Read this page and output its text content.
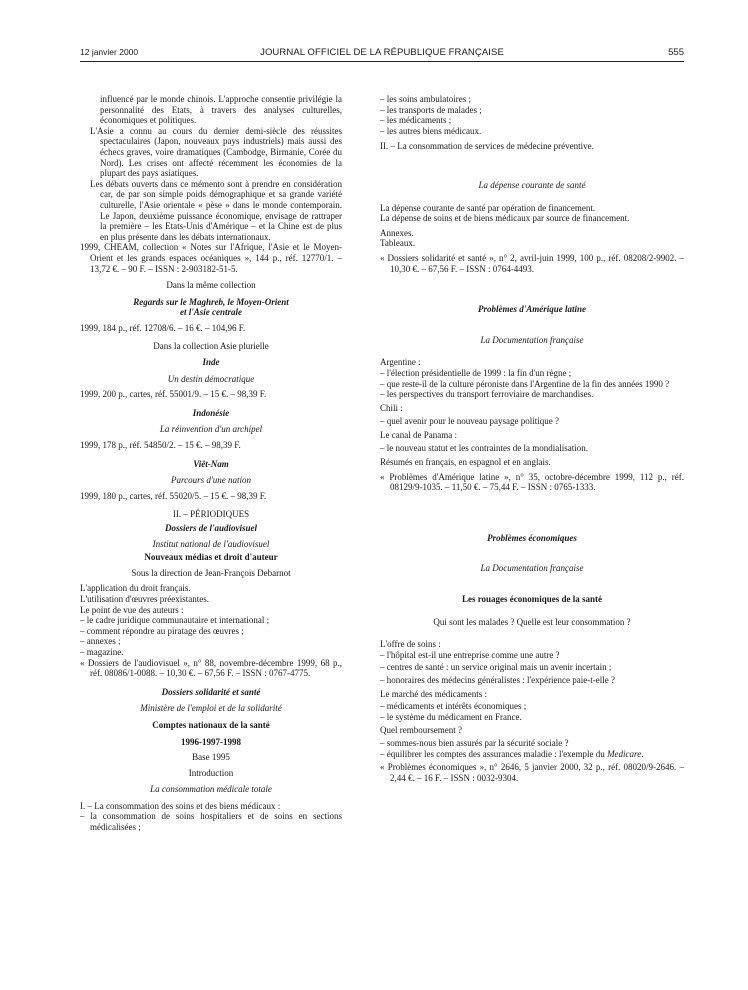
12 janvier 2000	JOURNAL OFFICIEL DE LA RÉPUBLIQUE FRANÇAISE	555

influencé par le monde chinois. L'approche consentie privilégie la personnalité des Etats, à travers des analyses culturelles, économiques et politiques.

L'Asie a connu au cours du dernier demi-siècle des réussites spectaculaires (Japon, nouveaux pays industriels) mais aussi des échecs graves, voire dramatiques (Cambodge, Birmanie, Corée du Nord). Les crises ont affecté récemment les économies de la plupart des pays asiatiques.

Les débats ouverts dans ce mémento sont à prendre en considération car, de par son simple poids démographique et sa grande variété culturelle, l'Asie orientale « pèse » dans le monde contemporain. Le Japon, deuxième puissance économique, envisage de rattraper la première – les Etats-Unis d'Amérique – et la Chine est de plus en plus présente dans les débats internationaux.

1999, CHEAM, collection « Notes sur l'Afrique, l'Asie et le Moyen-Orient et les grands espaces océaniques », 144 p., réf. 12770/1. – 13,72 €. – 90 F. – ISSN : 2-903182-51-5.

Dans la même collection

Regards sur le Maghreb, le Moyen-Orient

et l'Asie centrale

1999, 184 p., réf. 12708/6. – 16 €. – 104,96 F.

Dans la collection Asie plurielle

Inde

Un destin démocratique

1999, 200 p., cartes, réf. 55001/9. – 15 €. – 98,39 F.

Indonésie

La réinvention d'un archipel

1999, 178 p., réf. 54850/2. – 15 €. – 98,39 F.

Viêt-Nam

Parcours d'une nation

1999, 180 p., cartes, réf. 55020/5. – 15 €. – 98,39 F.

II. – PÉRIODIQUES

Dossiers de l'audiovisuel

Institut national de l'audiovisuel

Nouveaux médias et droit d'auteur

Sous la direction de Jean-François Debarnot

L'application du droit français.

L'utilisation d'œuvres préexistantes.

Le point de vue des auteurs :

– le cadre juridique communautaire et international ;

– comment répondre au piratage des œuvres ;

– annexes ;

– magazine.

« Dossiers de l'audiovisuel », n° 88, novembre-décembre 1999, 68 p., réf. 08086/1-0088. – 10,30 €. – 67,56 F. – ISSN : 0767-4775.

Dossiers solidarité et santé

Ministère de l'emploi et de la solidarité

Comptes nationaux de la santé

1996-1997-1998

Base 1995

Introduction

La consommation médicale totale

I. – La consommation des soins et des biens médicaux :

– la consommation de soins hospitaliers et de soins en sections médicalisées ;

– les soins ambulatoires ;

– les transports de malades ;

– les médicaments ;

– les autres biens médicaux.

II. – La consommation de services de médecine préventive.

La dépense courante de santé

La dépense courante de santé par opération de financement.

La dépense de soins et de biens médicaux par source de financement.

Annexes.

Tableaux.

« Dossiers solidarité et santé », n° 2, avril-juin 1999, 100 p., réf. 08208/2-9902. – 10,30 €. – 67,56 F. – ISSN : 0764-4493.

Problèmes d'Amérique latine

La Documentation française

Argentine :

– l'élection présidentielle de 1999 : la fin d'un règne ;

– que reste-il de la culture péroniste dans l'Argentine de la fin des années 1990 ?

– les perspectives du transport ferroviaire de marchandises.

Chili :

– quel avenir pour le nouveau paysage politique ?

Le canal de Panama :

– le nouveau statut et les contraintes de la mondialisation.

Résumés en français, en espagnol et en anglais.

« Problèmes d'Amérique latine », n° 35, octobre-décembre 1999, 112 p., réf. 08129/9-1035. – 11,50 €. – 75,44 F. – ISSN : 0765-1333.

Problèmes économiques

La Documentation française

Les rouages économiques de la santé

Qui sont les malades ? Quelle est leur consommation ?

L'offre de soins :

– l'hôpital est-il une entreprise comme une autre ?

– centres de santé : un service original mais un avenir incertain ;

– honoraires des médecins généralistes : l'expérience paie-t-elle ?

Le marché des médicaments :

– médicaments et intérêts économiques ;

– le système du médicament en France.

Quel remboursement ?

– sommes-nous bien assurés par la sécurité sociale ?

– équilibrer les comptes des assurances maladie : l'exemple du Medicare.

« Problèmes économiques », n° 2646, 5 janvier 2000, 32 p., réf. 08020/9-2646. – 2,44 €. – 16 F. – ISSN : 0032-9304.
